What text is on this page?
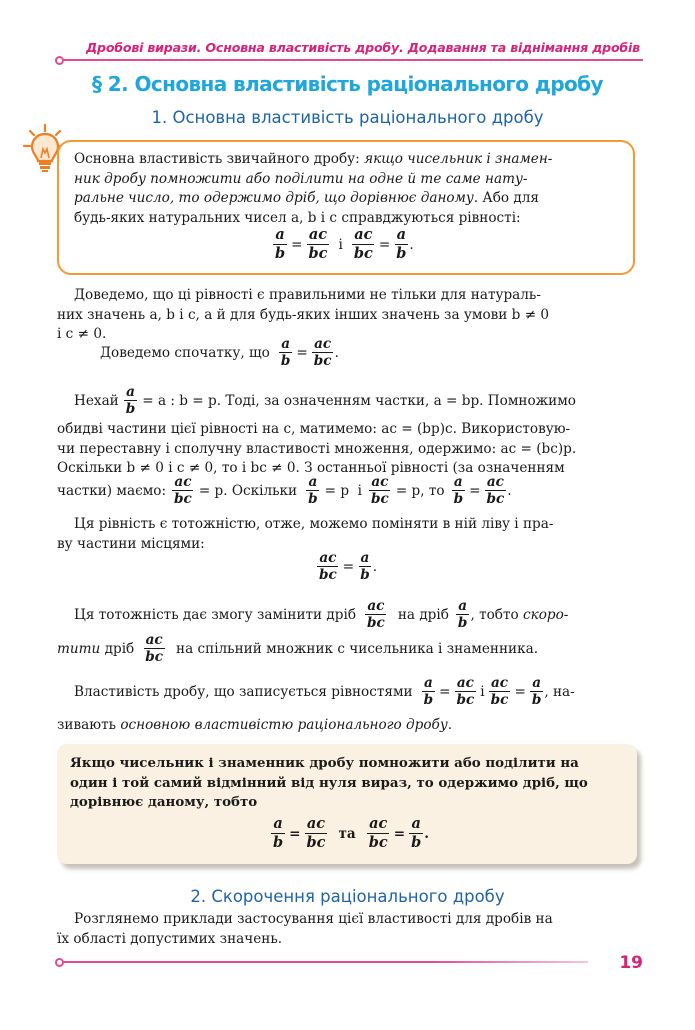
Дробові вирази. Основна властивість дробу. Додавання та віднімання дробів
§ 2. Основна властивість раціонального дробу
1. Основна властивість раціонального дробу
Основна властивість звичайного дробу: якщо чисельник і знамен-
ник дробу помножити або поділити на одне й те саме нату-
ральне число, то одержимо дріб, що дорівнює даному. Або для
будь-яких натуральних чисел a, b і c справджуються рівності:
$\frac{a}{b} = \frac{ac}{bc}$ і $\frac{ac}{bc} = \frac{a}{b}$ .
Доведемо, що ці рівності є правильними не тільки для натураль-
них значень a, b і c, а й для будь-яких інших значень за умови b ≠ 0
і c ≠ 0.
Доведемо спочатку, що $\frac{a}{b} = \frac{ac}{bc}$ .
Нехай $\frac{a}{b} = a$ : b = p. Тоді, за означенням частки, a = bp. Помножимо
обидві частини цієї рівності на c, матимемо: ac = (bp)c. Використовую-
чи переставну і сполучну властивості множення, одержимо: ac = (bc)p.
Оскільки b ≠ 0 і c ≠ 0, то і bc ≠ 0. З останньої рівності (за означенням
частки) маємо: $\frac{ac}{bc} = p$. Оскільки $\frac{a}{b} = p$  і $\frac{ac}{bc} = p$, то $\frac{a}{b} = \frac{ac}{bc}$ .
Ця рівність є тотожністю, отже, можемо поміняти в ній ліву і пра-
ву частини місцями:
$\frac{ac}{bc} = \frac{a}{b}$ .
Ця тотожність дає змогу замінити дріб $\frac{ac}{bc}$ на дріб $\frac{a}{b}$ , тобто скоро-
тити дріб $\frac{ac}{bc}$ на спільний множник c чисельника і знаменника.
Властивість дробу, що записується рівностями $\frac{a}{b} = \frac{ac}{bc}$ і $\frac{ac}{bc} = \frac{a}{b}$ , на-
зивають основною властивістю раціонального дробу.
Якщо чисельник і знаменник дробу помножити або поділити на
один і той самий відмінний від нуля вираз, то одержимо дріб, що
дорівнює даному, тобто
$\frac{a}{b} = \frac{ac}{bc}$ та $\frac{ac}{bc} = \frac{a}{b}$ .
2. Скорочення раціонального дробу
Розглянемо приклади застосування цієї властивості для дробів на
їх області допустимих значень.
19
